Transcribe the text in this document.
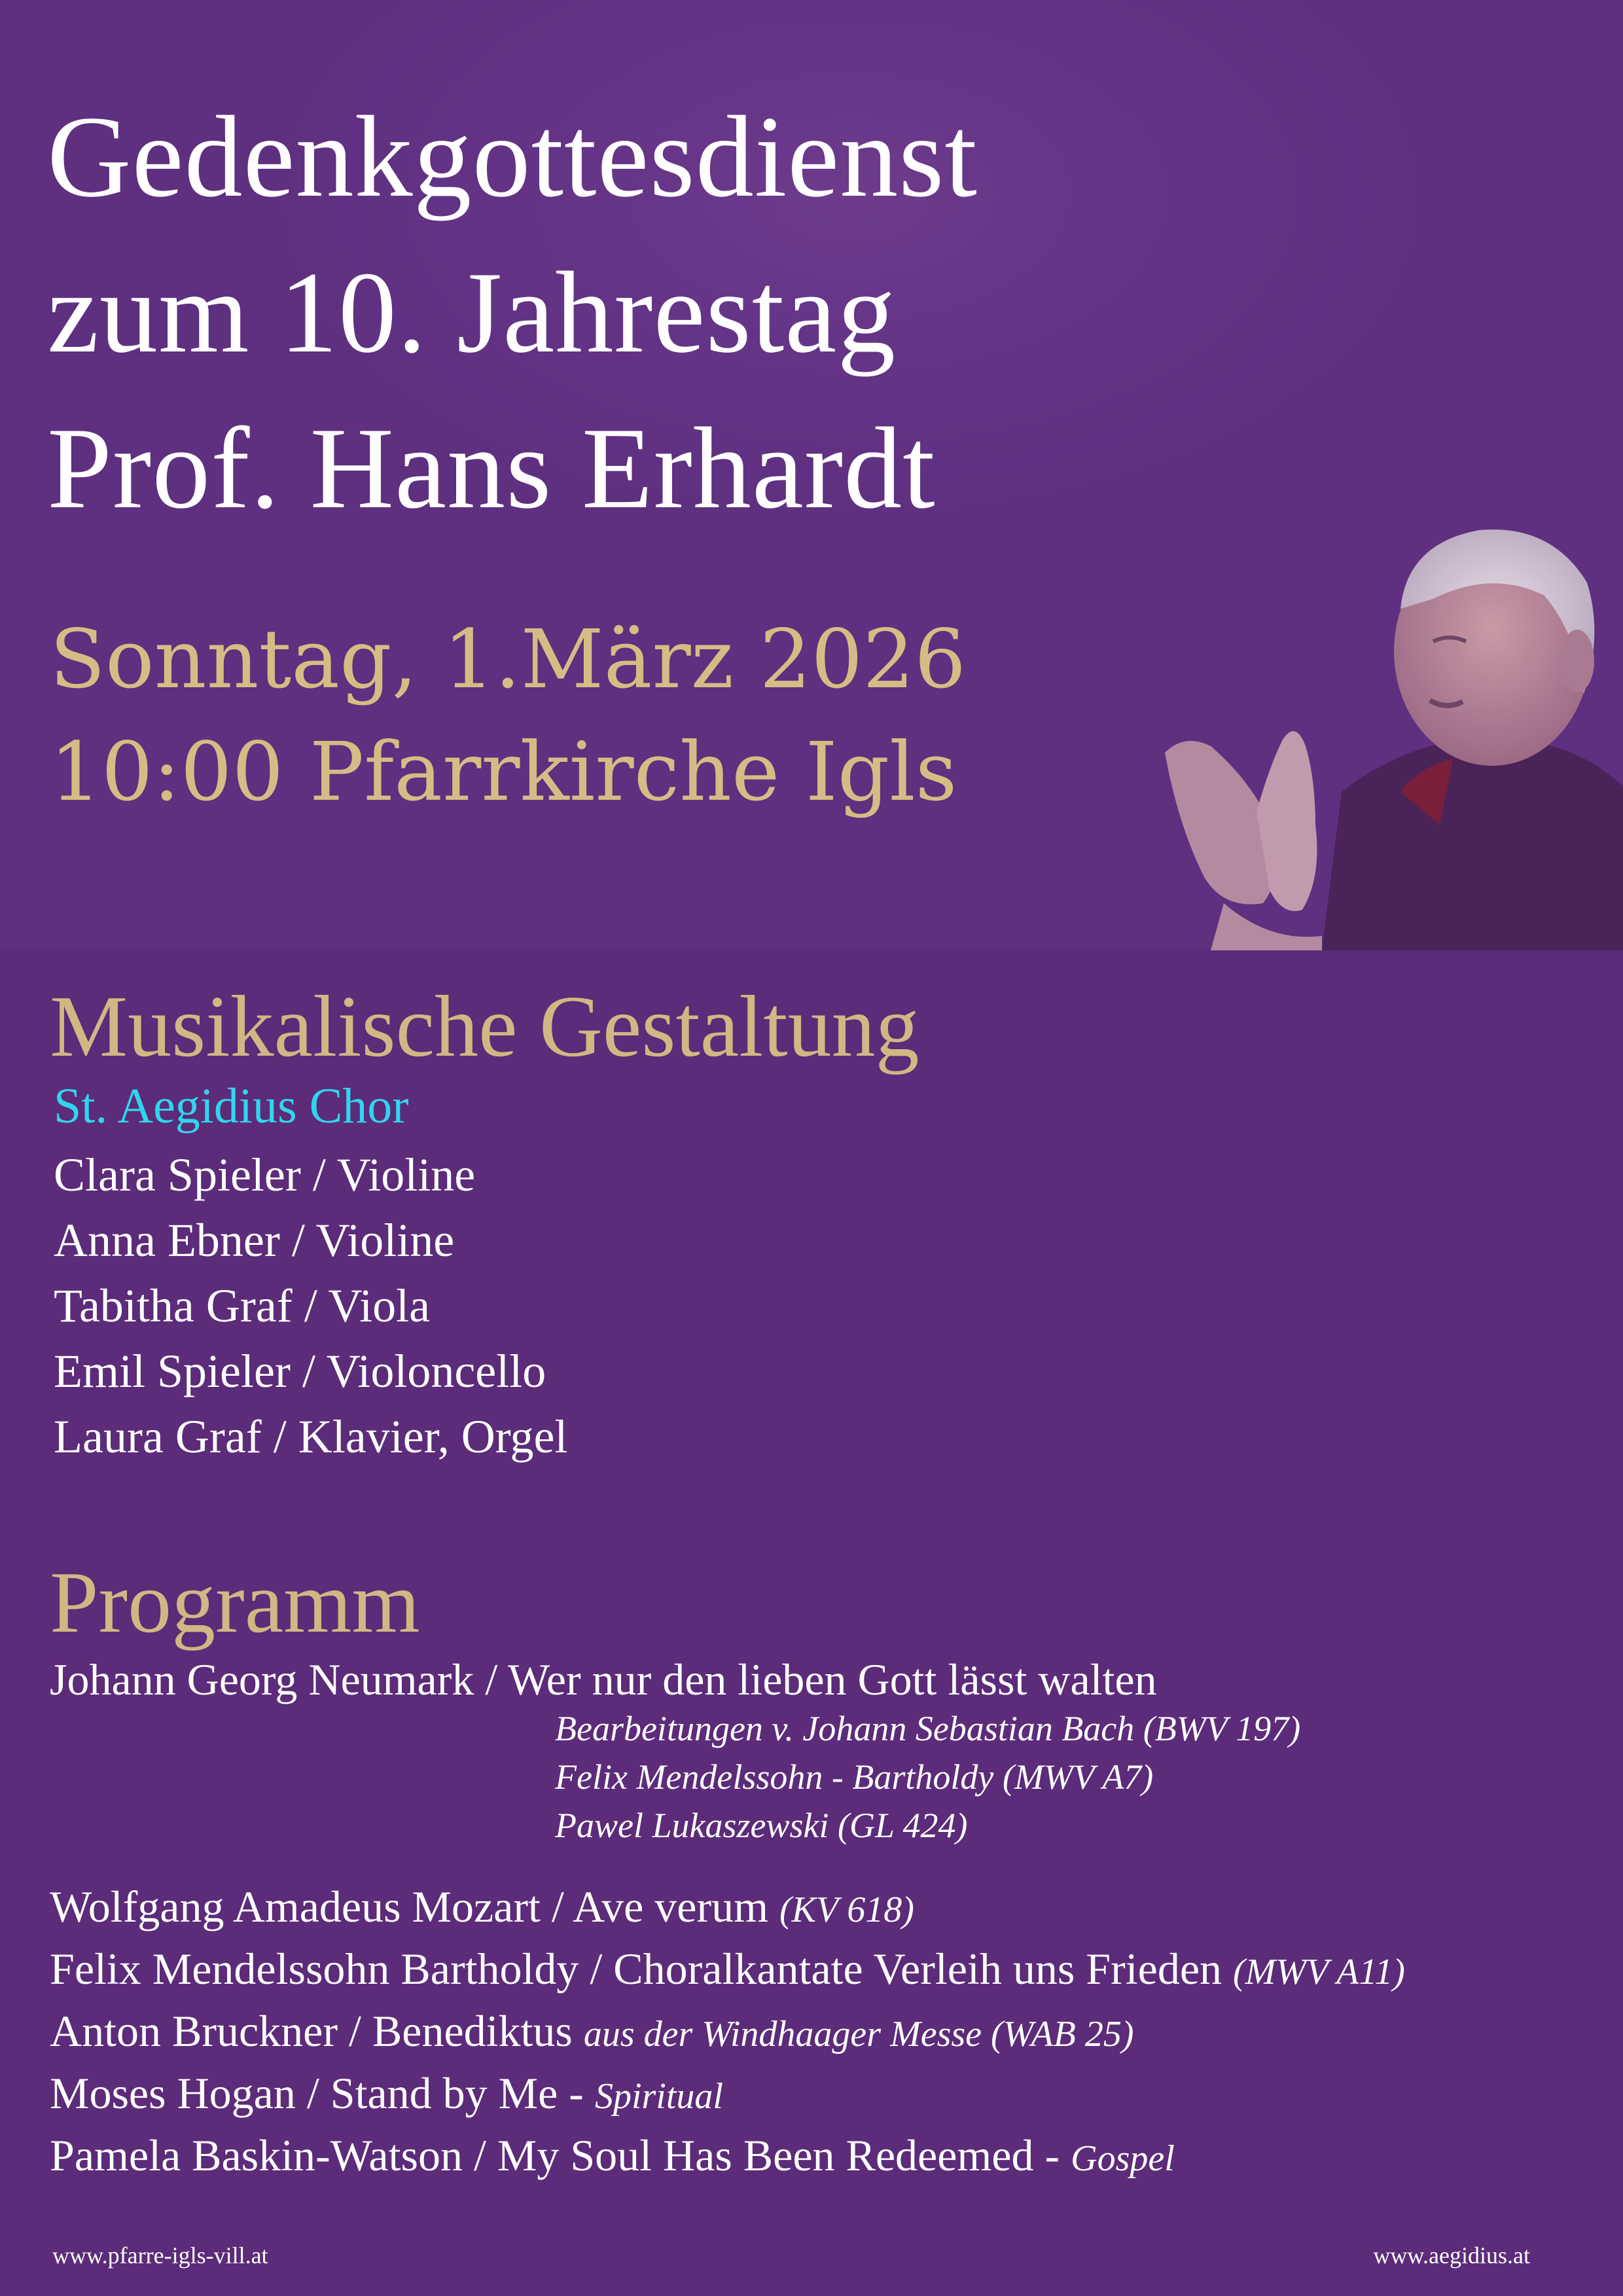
Gedenkgottesdienst
zum 10. Jahrestag
Prof. Hans Erhardt
Sonntag, 1.März 2026
10:00 Pfarrkirche Igls
Musikalische Gestaltung
St. Aegidius Chor
Clara Spieler / Violine
Anna Ebner / Violine
Tabitha Graf / Viola
Emil Spieler / Violoncello
Laura Graf / Klavier, Orgel
Programm
Johann Georg Neumark / Wer nur den lieben Gott lässt walten
Bearbeitungen v. Johann Sebastian Bach (BWV 197)
Felix Mendelssohn - Bartholdy (MWV A7)
Pawel Lukaszewski (GL 424)
Wolfgang Amadeus Mozart / Ave verum (KV 618)
Felix Mendelssohn Bartholdy / Choralkantate Verleih uns Frieden (MWV A11)
Anton Bruckner / Benediktus aus der Windhaager Messe (WAB 25)
Moses Hogan / Stand by Me - Spiritual
Pamela Baskin-Watson / My Soul Has Been Redeemed - Gospel
www.pfarre-igls-vill.at	www.aegidius.at
